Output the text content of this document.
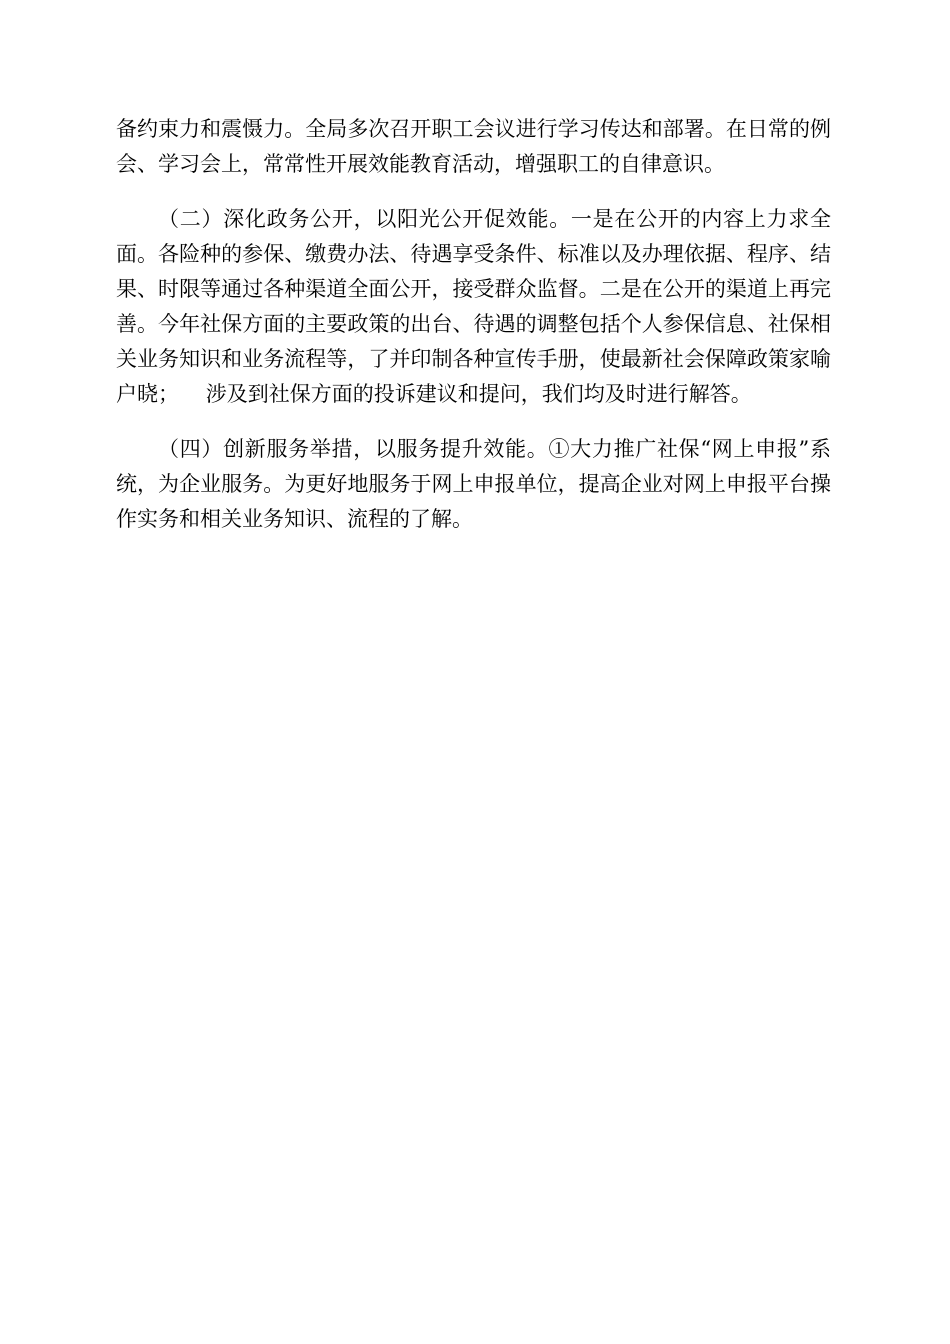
备约束力和震慑力。全局多次召开职工会议进行学习传达和部署。在日常的例会、学习会上，常常性开展效能教育活动，增强职工的自律意识。

（二）深化政务公开，以阳光公开促效能。一是在公开的内容上力求全面。各险种的参保、缴费办法、待遇享受条件、标准以及办理依据、程序、结果、时限等通过各种渠道全面公开，接受群众监督。二是在公开的渠道上再完善。今年社保方面的主要政策的出台、待遇的调整包括个人参保信息、社保相关业务知识和业务流程等，了并印制各种宣传手册，使最新社会保障政策家喻户晓；    涉及到社保方面的投诉建议和提问，我们均及时进行解答。

（四）创新服务举措，以服务提升效能。①大力推广社保“网上申报”系统，为企业服务。为更好地服务于网上申报单位，提高企业对网上申报平台操作实务和相关业务知识、流程的了解。
